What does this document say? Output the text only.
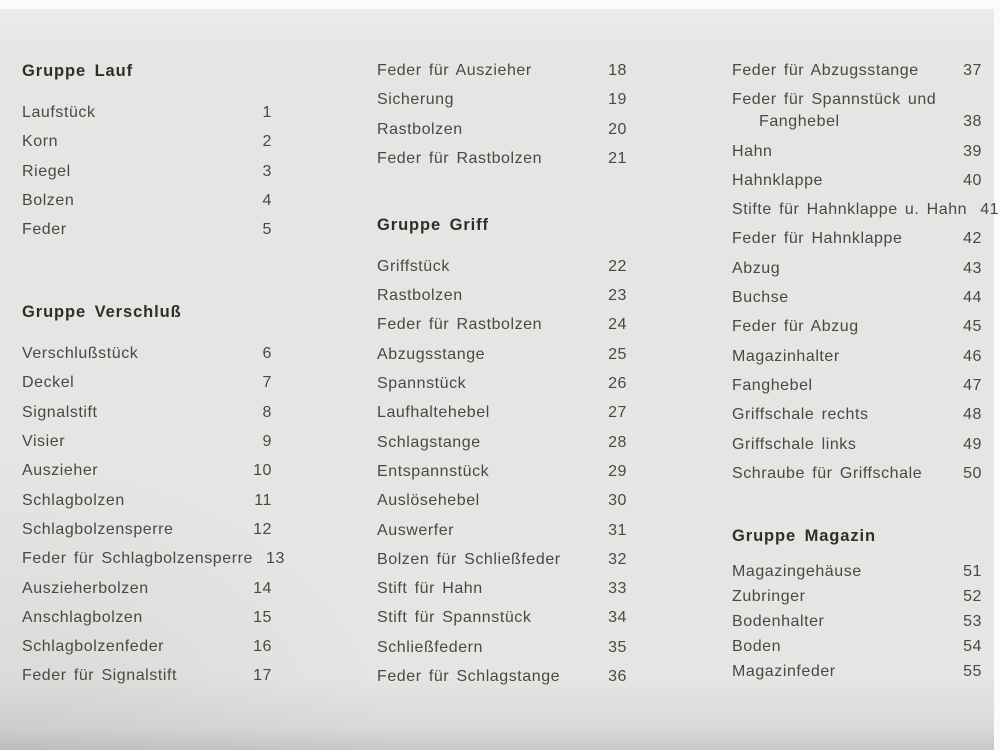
Gruppe Lauf
Laufstück	1
Korn	2
Riegel	3
Bolzen	4
Feder	5
Gruppe Verschluß
Verschlußstück	6
Deckel	7
Signalstift	8
Visier	9
Auszieher	10
Schlagbolzen	11
Schlagbolzensperre	12
Feder für Schlagbolzensperre 13
Auszieherbolzen	14
Anschlagbolzen	15
Schlagbolzenfeder	16
Feder für Signalstift	17
Feder für Auszieher	18
Sicherung	19
Rastbolzen	20
Feder für Rastbolzen	21
Gruppe Griff
Griffstück	22
Rastbolzen	23
Feder für Rastbolzen	24
Abzugsstange	25
Spannstück	26
Laufhaltehebel	27
Schlagstange	28
Entspannstück	29
Auslösehebel	30
Auswerfer	31
Bolzen für Schließfeder	32
Stift für Hahn	33
Stift für Spannstück	34
Schließfedern	35
Feder für Schlagstange	36
Feder für Abzugsstange	37
Feder für Spannstück und
Fanghebel	38
Hahn	39
Hahnklappe	40
Stifte für Hahnklappe u. Hahn 41
Feder für Hahnklappe	42
Abzug	43
Buchse	44
Feder für Abzug	45
Magazinhalter	46
Fanghebel	47
Griffschale rechts	48
Griffschale links	49
Schraube für Griffschale	50
Gruppe Magazin
Magazingehäuse	51
Zubringer	52
Bodenhalter	53
Boden	54
Magazinfeder	55
